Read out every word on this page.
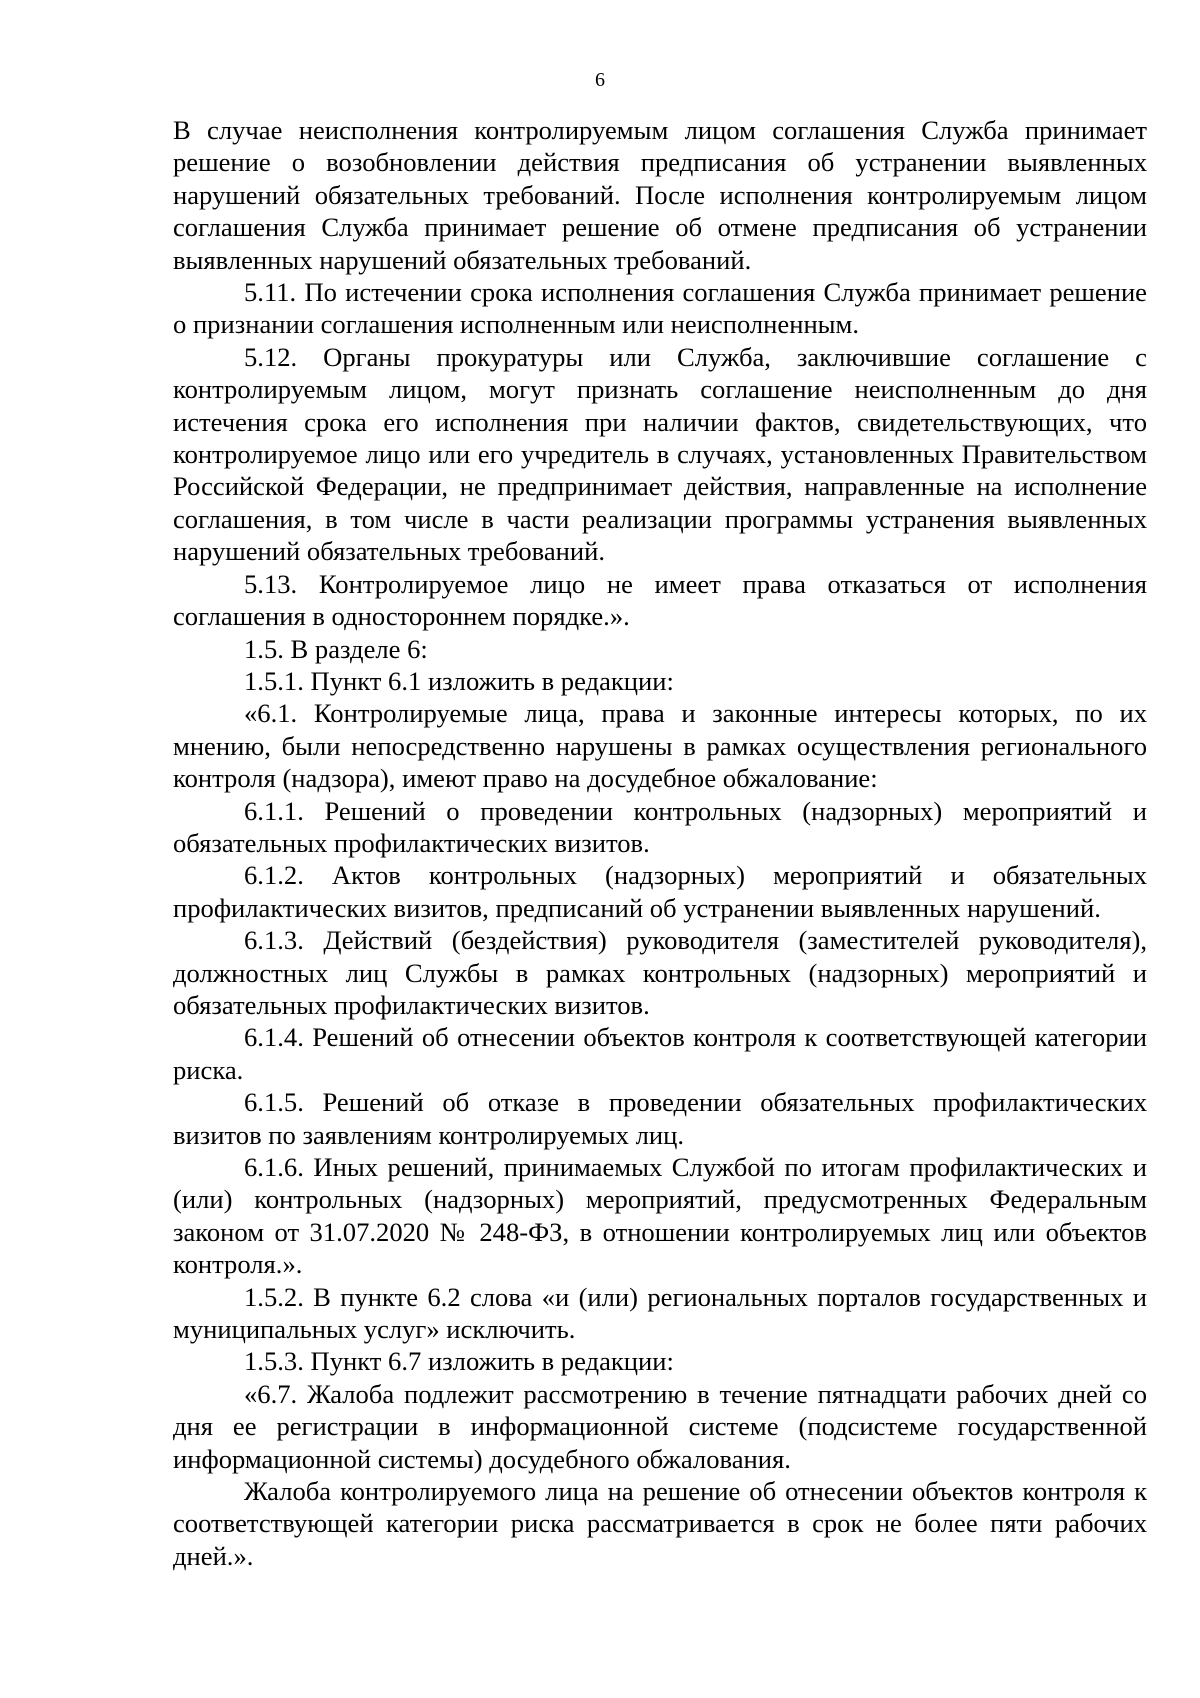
6

В случае неисполнения контролируемым лицом соглашения Служба принимает решение о возобновлении действия предписания об устранении выявленных нарушений обязательных требований. После исполнения контролируемым лицом соглашения Служба принимает решение об отмене предписания об устранении выявленных нарушений обязательных требований.

5.11. По истечении срока исполнения соглашения Служба принимает решение о признании соглашения исполненным или неисполненным.

5.12. Органы прокуратуры или Служба, заключившие соглашение с контролируемым лицом, могут признать соглашение неисполненным до дня истечения срока его исполнения при наличии фактов, свидетельствующих, что контролируемое лицо или его учредитель в случаях, установленных Правительством Российской Федерации, не предпринимает действия, направленные на исполнение соглашения, в том числе в части реализации программы устранения выявленных нарушений обязательных требований.

5.13. Контролируемое лицо не имеет права отказаться от исполнения соглашения в одностороннем порядке.».

1.5. В разделе 6:

1.5.1. Пункт 6.1 изложить в редакции:

«6.1. Контролируемые лица, права и законные интересы которых, по их мнению, были непосредственно нарушены в рамках осуществления регионального контроля (надзора), имеют право на досудебное обжалование:

6.1.1. Решений о проведении контрольных (надзорных) мероприятий и обязательных профилактических визитов.

6.1.2. Актов контрольных (надзорных) мероприятий и обязательных профилактических визитов, предписаний об устранении выявленных нарушений.

6.1.3. Действий (бездействия) руководителя (заместителей руководителя), должностных лиц Службы в рамках контрольных (надзорных) мероприятий и обязательных профилактических визитов.

6.1.4. Решений об отнесении объектов контроля к соответствующей категории риска.

6.1.5. Решений об отказе в проведении обязательных профилактических визитов по заявлениям контролируемых лиц.

6.1.6. Иных решений, принимаемых Службой по итогам профилактических и (или) контрольных (надзорных) мероприятий, предусмотренных Федеральным законом от 31.07.2020 № 248-ФЗ, в отношении контролируемых лиц или объектов контроля.».

1.5.2. В пункте 6.2 слова «и (или) региональных порталов государственных и муниципальных услуг» исключить.

1.5.3. Пункт 6.7 изложить в редакции:

«6.7. Жалоба подлежит рассмотрению в течение пятнадцати рабочих дней со дня ее регистрации в информационной системе (подсистеме государственной информационной системы) досудебного обжалования.

Жалоба контролируемого лица на решение об отнесении объектов контроля к соответствующей категории риска рассматривается в срок не более пяти рабочих дней.».
